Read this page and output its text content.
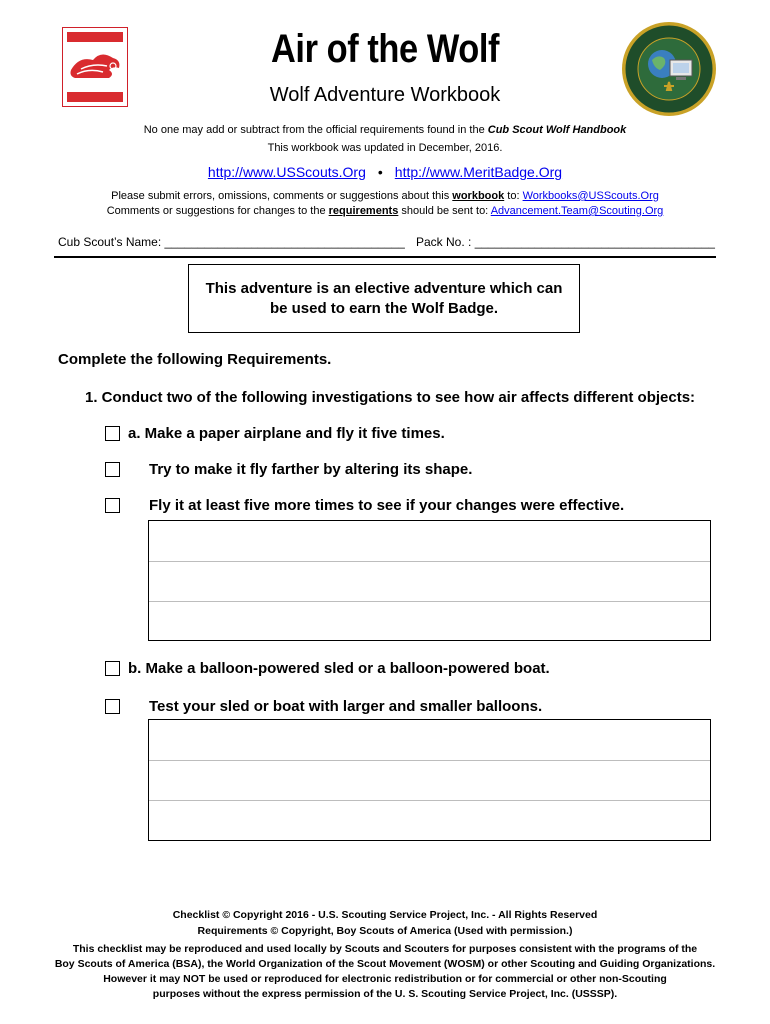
Air of the Wolf
Wolf Adventure Workbook
No one may add or subtract from the official requirements found in the Cub Scout Wolf Handbook
This workbook was updated in December, 2016.
http://www.USScouts.Org • http://www.MeritBadge.Org
Please submit errors, omissions, comments or suggestions about this workbook to: Workbooks@USScouts.Org
Comments or suggestions for changes to the requirements should be sent to: Advancement.Team@Scouting.Org
Cub Scout’s Name: ____________________________________ Pack No. : ____________________________________
This adventure is an elective adventure which can be used to earn the Wolf Badge.
Complete the following Requirements.
1. Conduct two of the following investigations to see how air affects different objects:
a. Make a paper airplane and fly it five times.
Try to make it fly farther by altering its shape.
Fly it at least five more times to see if your changes were effective.
b. Make a balloon-powered sled or a balloon-powered boat.
Test your sled or boat with larger and smaller balloons.
Checklist © Copyright 2016 - U.S. Scouting Service Project, Inc. - All Rights Reserved
Requirements © Copyright, Boy Scouts of America (Used with permission.)
This checklist may be reproduced and used locally by Scouts and Scouters for purposes consistent with the programs of the
Boy Scouts of America (BSA), the World Organization of the Scout Movement (WOSM) or other Scouting and Guiding Organizations.
However it may NOT be used or reproduced for electronic redistribution or for commercial or other non-Scouting
purposes without the express permission of the U. S. Scouting Service Project, Inc. (USSSP).
